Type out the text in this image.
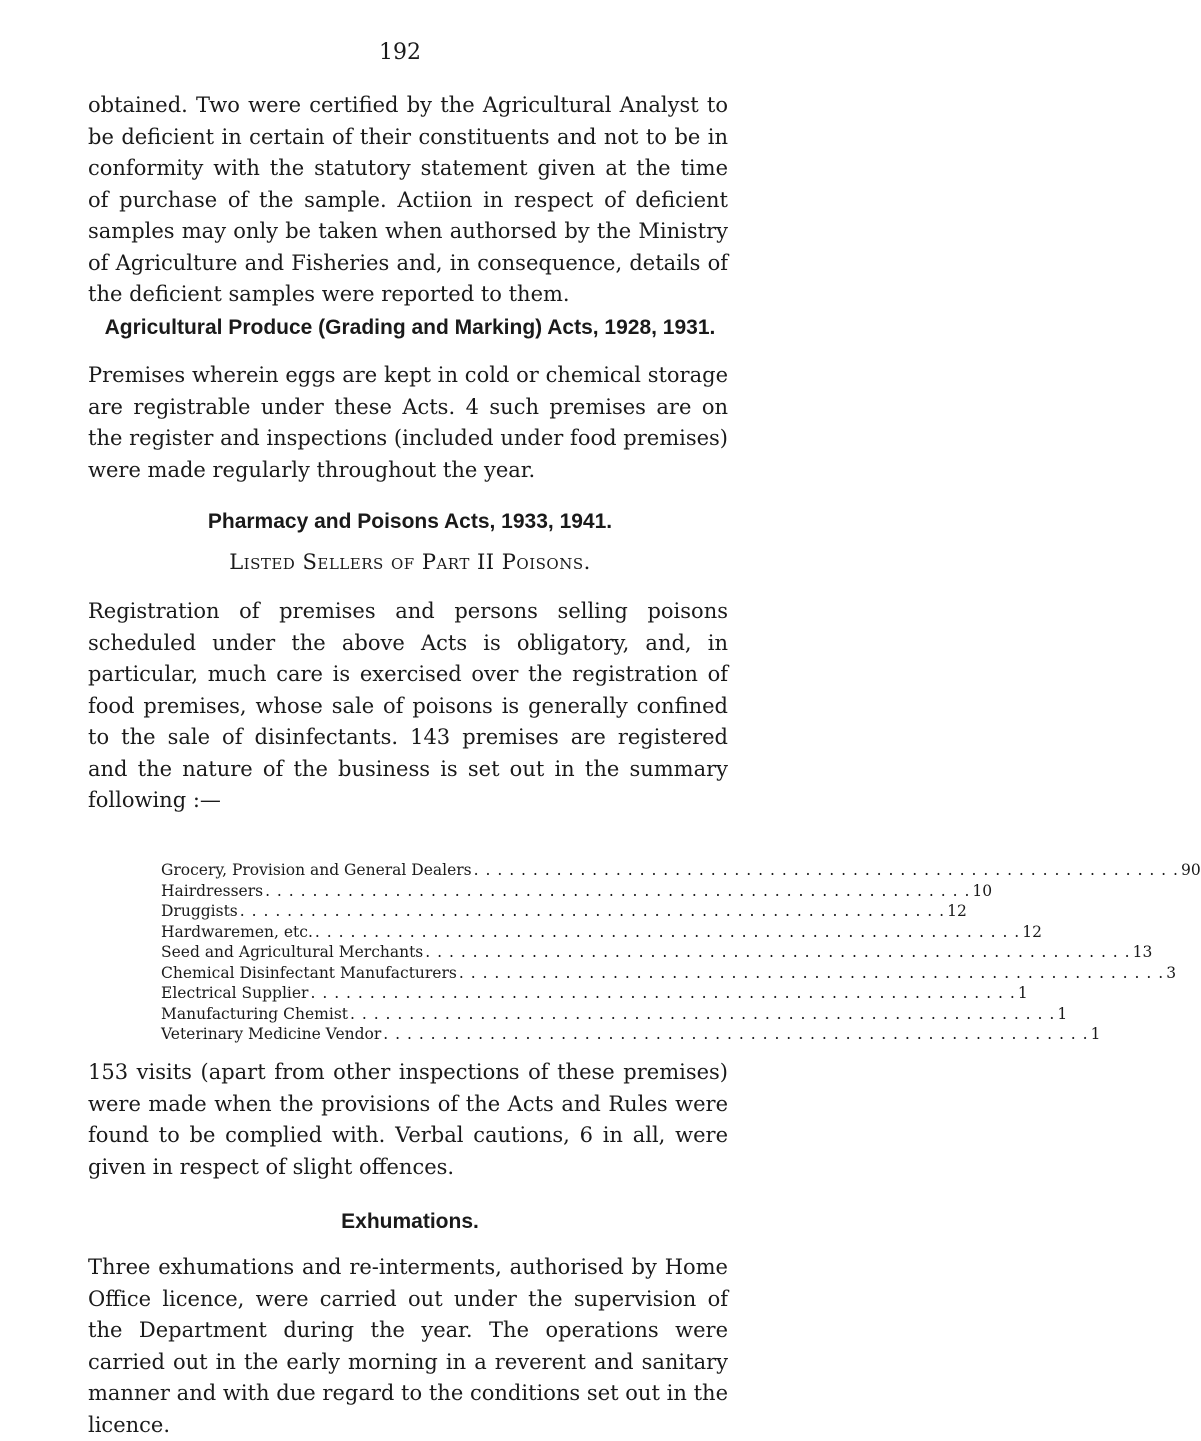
192

obtained. Two were certified by the Agricultural Analyst to be deficient in certain of their constituents and not to be in conformity with the statutory statement given at the time of purchase of the sample. Actiion in respect of deficient samples may only be taken when authorsed by the Ministry of Agriculture and Fisheries and, in consequence, details of the deficient samples were reported to them.

Agricultural Produce (Grading and Marking) Acts, 1928, 1931.

Premises wherein eggs are kept in cold or chemical storage are registrable under these Acts. 4 such premises are on the register and inspections (included under food premises) were made regularly throughout the year.

Pharmacy and Poisons Acts, 1933, 1941.
Listed Sellers of Part II Poisons.

Registration of premises and persons selling poisons scheduled under the above Acts is obligatory, and, in particular, much care is exercised over the registration of food premises, whose sale of poisons is generally confined to the sale of disinfectants. 143 premises are registered and the nature of the business is set out in the summary following :—

Grocery, Provision and General Dealers . . . . . . . . . . . . . . . . . . . . . . . . . . . . . . . . . . . . . . . . . . . . . . . . . . . . . . . . . . . . 90
Hairdressers . . . . . . . . . . . . . . . . . . . . . . . . . . . . . . . . . . . . . . . . . . . . . . . . . . . . . . . . . . . . 10
Druggists . . . . . . . . . . . . . . . . . . . . . . . . . . . . . . . . . . . . . . . . . . . . . . . . . . . . . . . . . . . . 12
Hardwaremen, etc. . . . . . . . . . . . . . . . . . . . . . . . . . . . . . . . . . . . . . . . . . . . . . . . . . . . . . . . . . . . . 12
Seed and Agricultural Merchants . . . . . . . . . . . . . . . . . . . . . . . . . . . . . . . . . . . . . . . . . . . . . . . . . . . . . . . . . . . . 13
Chemical Disinfectant Manufacturers . . . . . . . . . . . . . . . . . . . . . . . . . . . . . . . . . . . . . . . . . . . . . . . . . . . . . . . . . . . . 3
Electrical Supplier . . . . . . . . . . . . . . . . . . . . . . . . . . . . . . . . . . . . . . . . . . . . . . . . . . . . . . . . . . . . 1
Manufacturing Chemist . . . . . . . . . . . . . . . . . . . . . . . . . . . . . . . . . . . . . . . . . . . . . . . . . . . . . . . . . . . . 1
Veterinary Medicine Vendor . . . . . . . . . . . . . . . . . . . . . . . . . . . . . . . . . . . . . . . . . . . . . . . . . . . . . . . . . . . . 1

153 visits (apart from other inspections of these premises) were made when the provisions of the Acts and Rules were found to be complied with. Verbal cautions, 6 in all, were given in respect of slight offences.

Exhumations.

Three exhumations and re-interments, authorised by Home Office licence, were carried out under the supervision of the Department during the year. The operations were carried out in the early morning in a reverent and sanitary manner and with due regard to the conditions set out in the licence.
